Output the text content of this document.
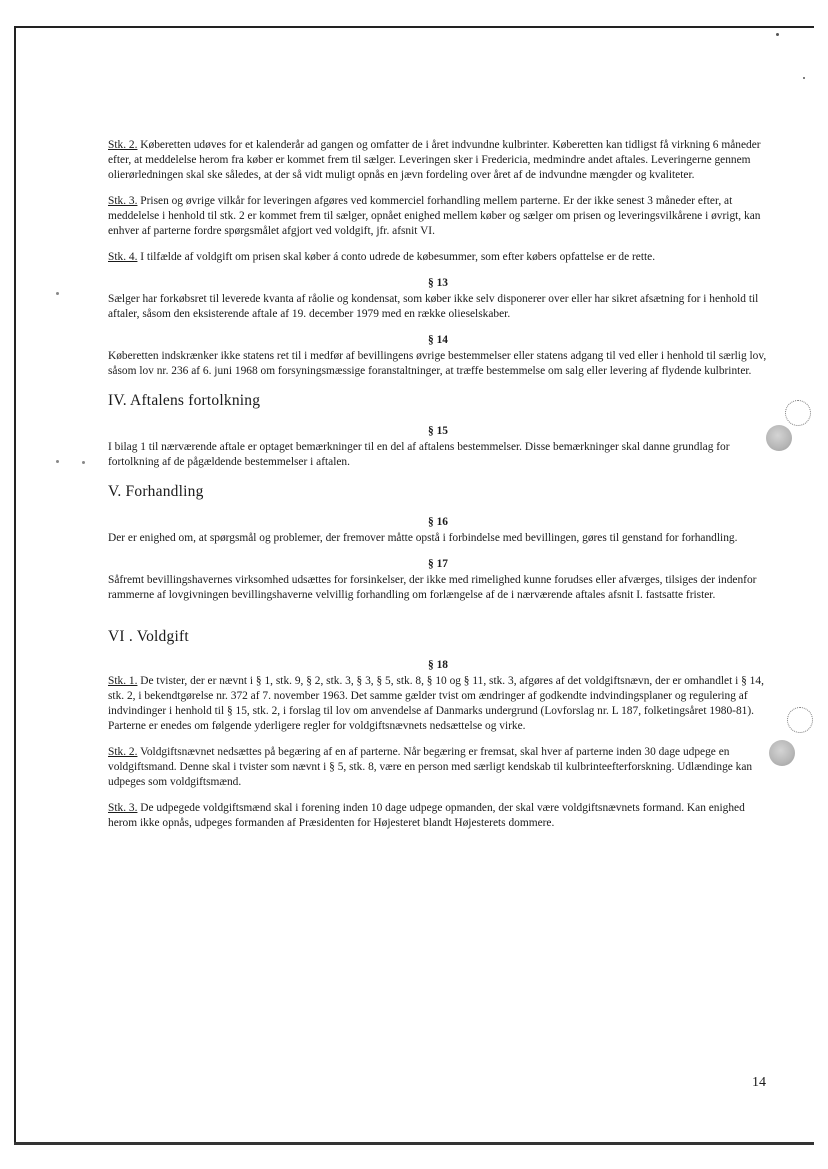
Stk. 2. Køberetten udøves for et kalenderår ad gangen og omfatter de i året indvundne kulbrinter. Køberetten kan tidligst få virkning 6 måneder efter, at meddelelse herom fra køber er kommet frem til sælger. Leveringen sker i Fredericia, medmindre andet aftales. Leveringerne gennem olierørledningen skal ske således, at der så vidt muligt opnås en jævn fordeling over året af de indvundne mængder og kvaliteter.

Stk. 3. Prisen og øvrige vilkår for leveringen afgøres ved kommerciel forhandling mellem parterne. Er der ikke senest 3 måneder efter, at meddelelse i henhold til stk. 2 er kommet frem til sælger, opnået enighed mellem køber og sælger om prisen og leveringsvilkårene i øvrigt, kan enhver af parterne fordre spørgsmålet afgjort ved voldgift, jfr. afsnit VI.

Stk. 4. I tilfælde af voldgift om prisen skal køber á conto udrede de købesummer, som efter købers opfattelse er de rette.

§ 13

Sælger har forkøbsret til leverede kvanta af råolie og kondensat, som køber ikke selv disponerer over eller har sikret afsætning for i henhold til aftaler, såsom den eksisterende aftale af 19. december 1979 med en række olieselskaber.

§ 14

Køberetten indskrænker ikke statens ret til i medfør af bevillingens øvrige bestemmelser eller statens adgang til ved eller i henhold til særlig lov, såsom lov nr. 236 af 6. juni 1968 om forsyningsmæssige foranstaltninger, at træffe bestemmelse om salg eller levering af flydende kulbrinter.

IV. Aftalens fortolkning
§ 15

I bilag 1 til nærværende aftale er optaget bemærkninger til en del af aftalens bestemmelser. Disse bemærkninger skal danne grundlag for fortolkning af de pågældende bestemmelser i aftalen.

V. Forhandling
§ 16

Der er enighed om, at spørgsmål og problemer, der fremover måtte opstå i forbindelse med bevillingen, gøres til genstand for forhandling.

§ 17

Såfremt bevillingshavernes virksomhed udsættes for forsinkelser, der ikke med rimelighed kunne forudses eller afværges, tilsiges der indenfor rammerne af lovgivningen bevillingshaverne velvillig forhandling om forlængelse af de i nærværende aftales afsnit I. fastsatte frister.

VI . Voldgift
§ 18

Stk. 1. De tvister, der er nævnt i § 1, stk. 9, § 2, stk. 3, § 3, § 5, stk. 8, § 10 og § 11, stk. 3, afgøres af det voldgiftsnævn, der er omhandlet i § 14, stk. 2, i bekendtgørelse nr. 372 af 7. november 1963. Det samme gælder tvist om ændringer af godkendte indvindingsplaner og regulering af indvindinger i henhold til § 15, stk. 2, i forslag til lov om anvendelse af Danmarks undergrund (Lovforslag nr. L 187, folketingsåret 1980-81). Parterne er enedes om følgende yderligere regler for voldgiftsnævnets nedsættelse og virke.

Stk. 2. Voldgiftsnævnet nedsættes på begæring af en af parterne. Når begæring er fremsat, skal hver af parterne inden 30 dage udpege en voldgiftsmand. Denne skal i tvister som nævnt i § 5, stk. 8, være en person med særligt kendskab til kulbrinteefterforskning. Udlændinge kan udpeges som voldgiftsmænd.

Stk. 3. De udpegede voldgiftsmænd skal i forening inden 10 dage udpege opmanden, der skal være voldgiftsnævnets formand. Kan enighed herom ikke opnås, udpeges formanden af Præsidenten for Højesteret blandt Højesterets dommere.

14
